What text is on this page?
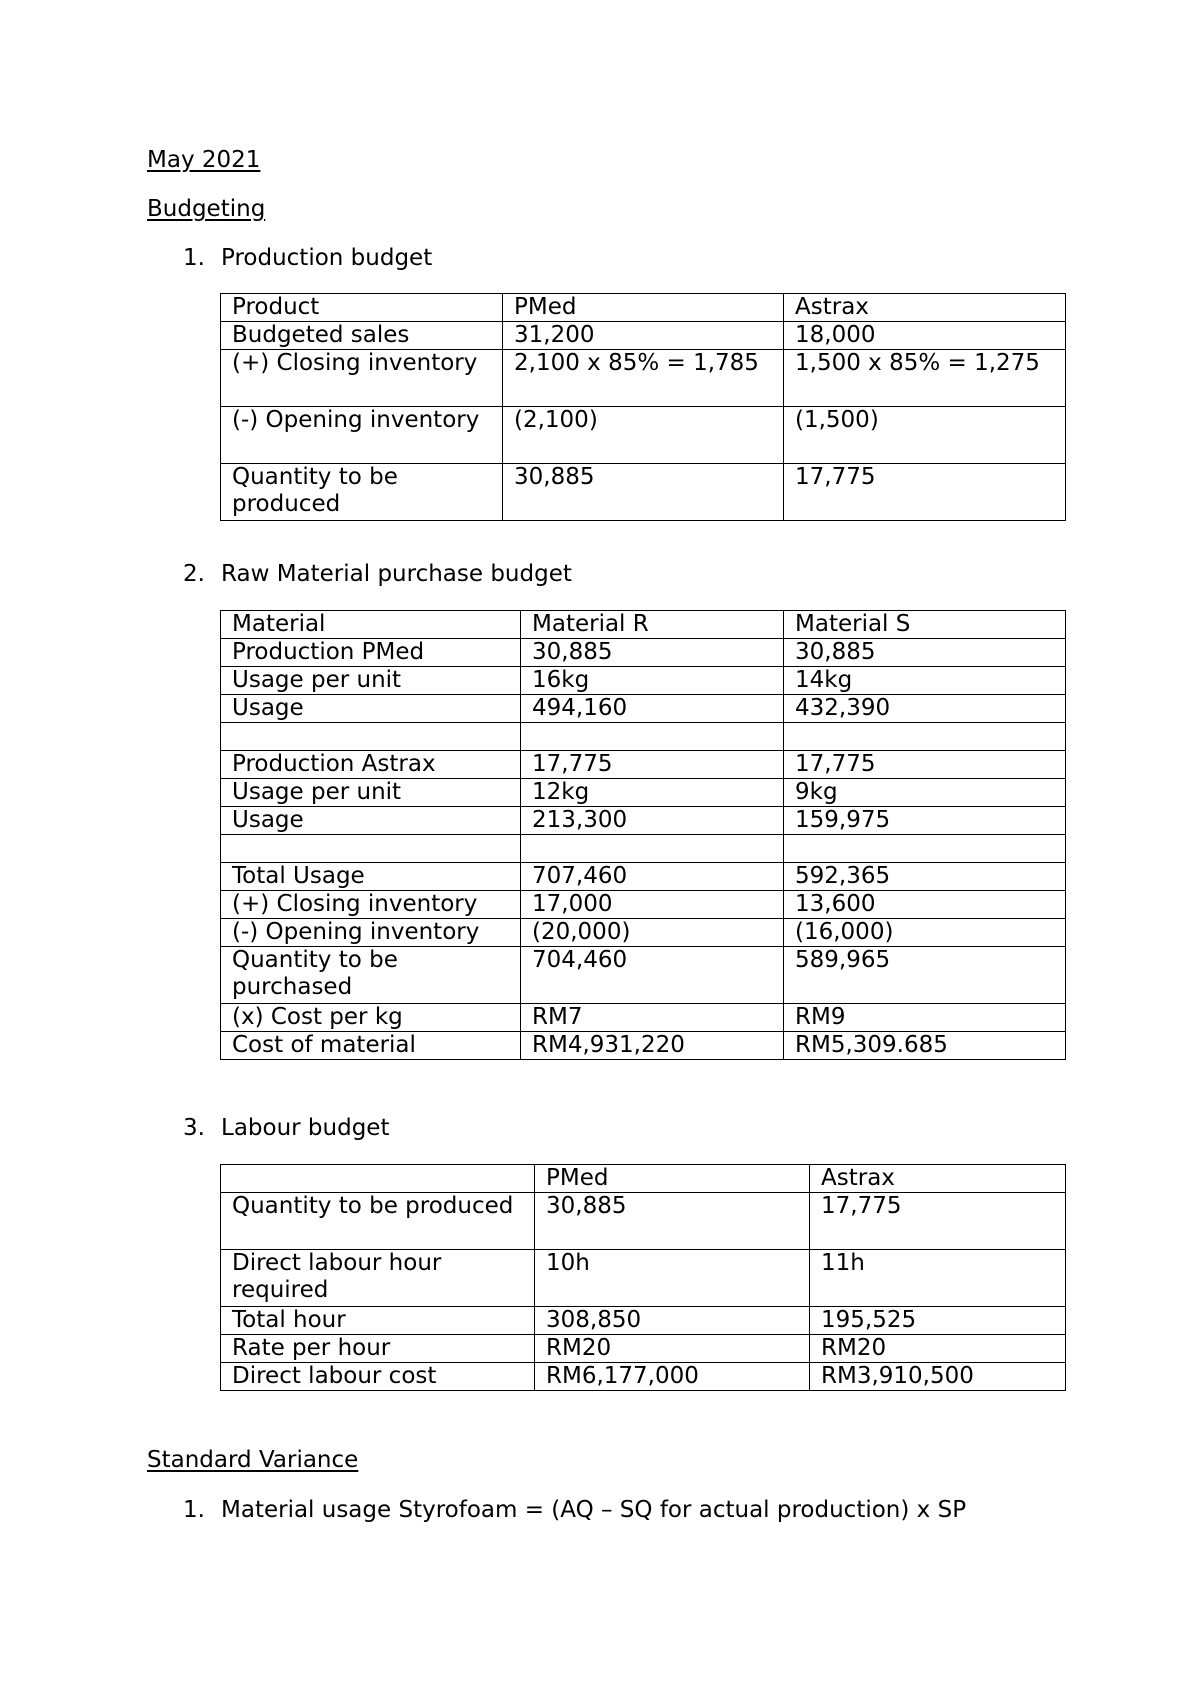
May 2021

Budgeting

1. Production budget

Product	PMed	Astrax
Budgeted sales	31,200	18,000
(+) Closing inventory	2,100 x 85% = 1,785	1,500 x 85% = 1,275
(-) Opening inventory	(2,100)	(1,500)
Quantity to be produced	30,885	17,775

2. Raw Material purchase budget

Material	Material R	Material S
Production PMed	30,885	30,885
Usage per unit	16kg	14kg
Usage	494,160	432,390

Production Astrax	17,775	17,775
Usage per unit	12kg	9kg
Usage	213,300	159,975

Total Usage	707,460	592,365
(+) Closing inventory	17,000	13,600
(-) Opening inventory	(20,000)	(16,000)
Quantity to be purchased	704,460	589,965
(x) Cost per kg	RM7	RM9
Cost of material	RM4,931,220	RM5,309.685

3. Labour budget

	PMed	Astrax
Quantity to be produced	30,885	17,775
Direct labour hour required	10h	11h
Total hour	308,850	195,525
Rate per hour	RM20	RM20
Direct labour cost	RM6,177,000	RM3,910,500

Standard Variance

1. Material usage Styrofoam = (AQ – SQ for actual production) x SP
